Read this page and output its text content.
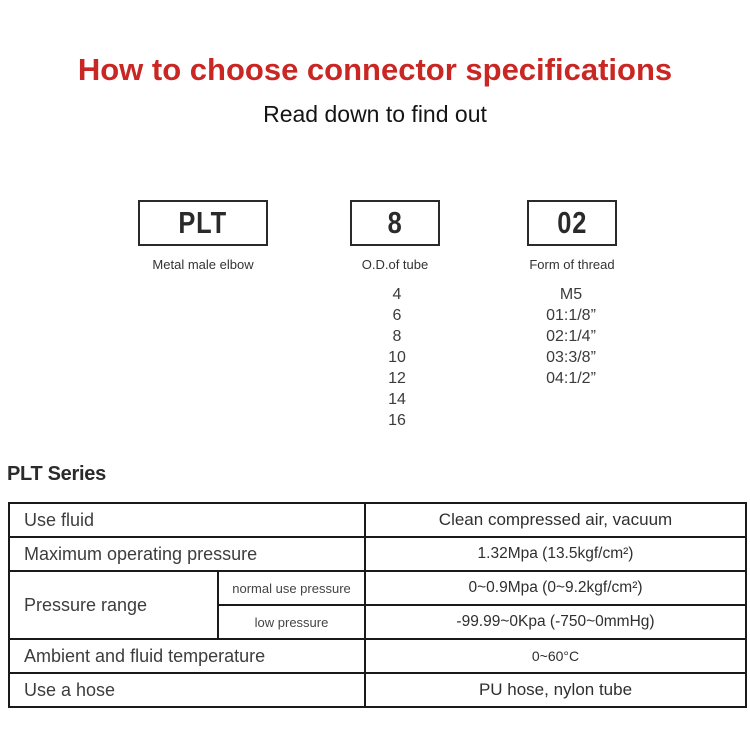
How to choose connector specifications
Read down to find out
PLT	8	02
Metal male elbow	O.D.of tube	Form of thread
4
6
8
10
12
14
16
M5
01:1/8”
02:1/4”
03:3/8”
04:1/2”
PLT Series
Use fluid		Clean compressed air, vacuum
Maximum operating pressure		1.32Mpa (13.5kgf/cm²)
Pressure range	normal use pressure	0~0.9Mpa (0~9.2kgf/cm²)
	low pressure	-99.99~0Kpa (-750~0mmHg)
Ambient and fluid temperature		0~60°C
Use a hose		PU hose, nylon tube
